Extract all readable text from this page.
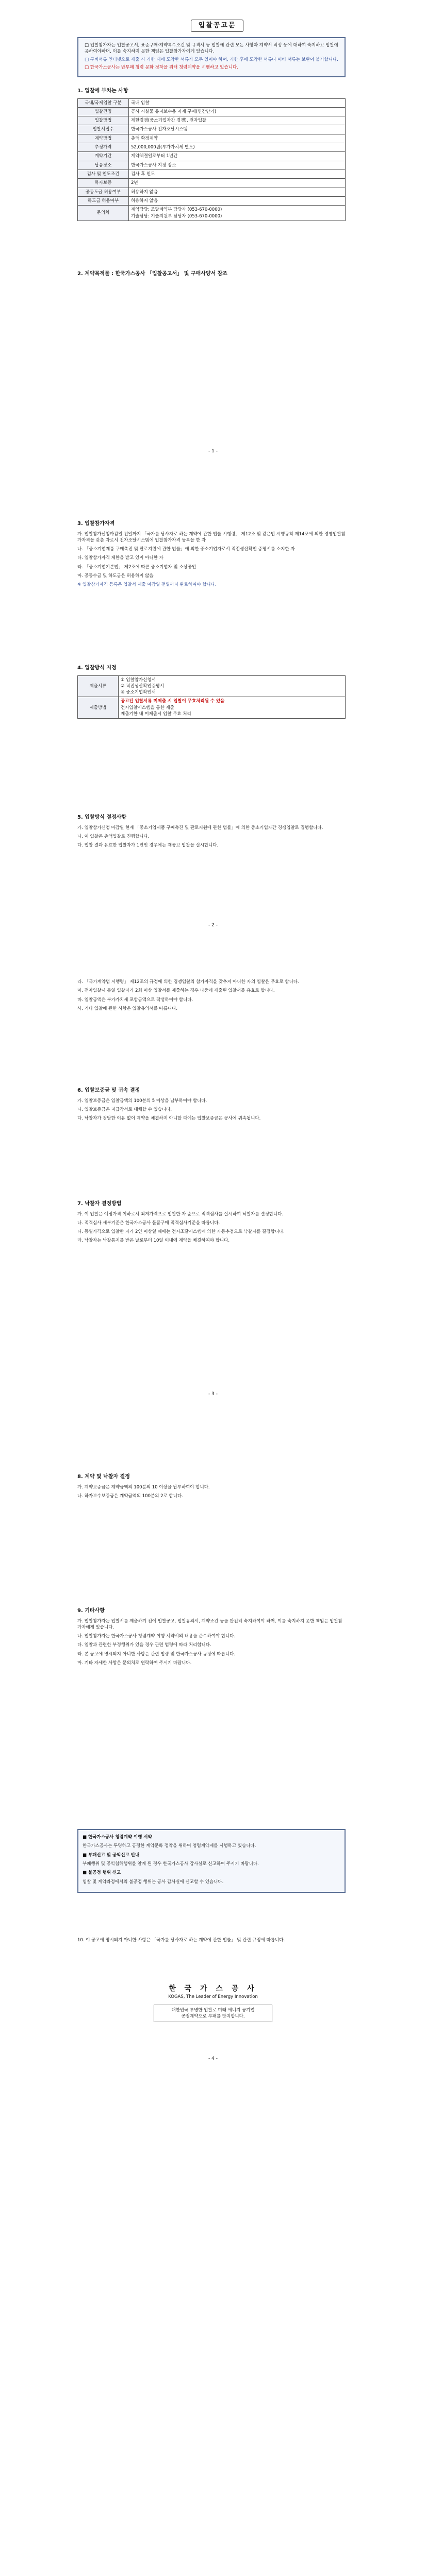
입찰공고문

□ 입찰참가자는 입찰공고서, 표준구매·계약특수조건 및 규격서 등 입찰에 관련 모든 사항과 계약서 작성 등에 대하여 숙지하고 입찰에 응하여야하며, 이를 숙지하지 못한 책임은 입찰참가자에게 있습니다.

□ 구비서류 인터넷으로 제출 시 기한 내에 도착한 서류가 모두 있어야 하며, 기한 후에 도착한 서류나 미비 서류는 보완이 불가합니다.

□ 한국가스공사는 반부패 청렴 문화 정착을 위해 청렴계약을 시행하고 있습니다.

1. 입찰에 부치는 사항
국내/국제입찰 구분	국내 입찰
입찰건명	공사 시설물 유지보수용 자재 구매(연간단가)
입찰방법	제한경쟁(중소기업자간 경쟁), 전자입찰
입찰서접수	한국가스공사 전자조달시스템
계약방법	총액 확정계약
추정가격	52,000,000원(부가가치세 별도)
계약기간	계약체결일로부터 1년간
납품장소	한국가스공사 지정 장소
검사 및 인도조건	검사 후 인도
하자보증	2년
공동도급 허용여부	허용하지 않음
하도급 허용여부	허용하지 않음
문의처	계약담당: 조달계약부 담당자 (053-670-0000)
기술담당: 기술지원부 담당자 (053-670-0000)
2. 계약목적물 : 한국가스공사 「입찰공고서」 및 구매사양서 참조
- 1 -
3. 입찰참가자격

가. 입찰참가신청마감일 전일까지 「국가를 당사자로 하는 계약에 관한 법률 시행령」 제12조 및 같은법 시행규칙 제14조에 의한 경쟁입찰참가자격을 갖춘 자로서 전자조달시스템에 입찰참가자격 등록을 한 자

나. 「중소기업제품 구매촉진 및 판로지원에 관한 법률」에 의한 중소기업자로서 직접생산확인 증명서를 소지한 자

다. 입찰참가자격 제한을 받고 있지 아니한 자

라. 「중소기업기본법」 제2조에 따른 중소기업자 및 소상공인

마. 공동수급 및 하도급은 허용하지 않음

※ 입찰참가자격 등록은 입찰서 제출 마감일 전일까지 완료하여야 합니다.

4. 입찰방식 지정
제출서류	① 입찰참가신청서
② 직접생산확인증명서
③ 중소기업확인서

제출방법	공고된 입찰서류 미제출 시 입찰이 무효처리될 수 있음
전자입찰시스템을 통한 제출
제출기한 내 미제출시 입찰 무효 처리
5. 입찰방식 결정사항

가. 입찰참가신청 마감일 현재 「중소기업제품 구매촉진 및 판로지원에 관한 법률」에 의한 중소기업자간 경쟁입찰로 집행합니다.

나. 이 입찰은 총액입찰로 진행합니다.

다. 입찰 결과 유효한 입찰자가 1인인 경우에는 재공고 입찰을 실시합니다.

- 2 -

라. 「국가계약법 시행령」 제12조의 규정에 의한 경쟁입찰의 참가자격을 갖추지 아니한 자의 입찰은 무효로 합니다.

마. 전자입찰시 동일 입찰자가 2회 이상 입찰서를 제출하는 경우 나중에 제출된 입찰서를 유효로 합니다.

바. 입찰금액은 부가가치세 포함금액으로 작성하여야 합니다.

사. 기타 입찰에 관한 사항은 입찰유의서를 따릅니다.

6. 입찰보증금 및 귀속 결정

가. 입찰보증금은 입찰금액의 100분의 5 이상을 납부하여야 합니다.

나. 입찰보증금은 지급각서로 대체할 수 있습니다.

다. 낙찰자가 정당한 이유 없이 계약을 체결하지 아니할 때에는 입찰보증금은 공사에 귀속됩니다.

7. 낙찰자 결정방법

가. 이 입찰은 예정가격 이하로서 최저가격으로 입찰한 자 순으로 적격심사를 실시하여 낙찰자를 결정합니다.

나. 적격심사 세부기준은 한국가스공사 물품구매 적격심사기준을 따릅니다.

다. 동일가격으로 입찰한 자가 2인 이상일 때에는 전자조달시스템에 의한 자동추첨으로 낙찰자를 결정합니다.

라. 낙찰자는 낙찰통지를 받은 날로부터 10일 이내에 계약을 체결하여야 합니다.

- 3 -
8. 계약 및 낙찰자 결정

가. 계약보증금은 계약금액의 100분의 10 이상을 납부하여야 합니다.

나. 하자보수보증금은 계약금액의 100분의 2로 합니다.

9. 기타사항

가. 입찰참가자는 입찰서를 제출하기 전에 입찰공고, 입찰유의서, 계약조건 등을 완전히 숙지하여야 하며, 이를 숙지하지 못한 책임은 입찰참가자에게 있습니다.

나. 입찰참가자는 한국가스공사 청렴계약 이행 서약서의 내용을 준수하여야 합니다.

다. 입찰과 관련한 부정행위가 있을 경우 관련 법령에 따라 처리합니다.

라. 본 공고에 명시되지 아니한 사항은 관련 법령 및 한국가스공사 규정에 따릅니다.

마. 기타 자세한 사항은 문의처로 연락하여 주시기 바랍니다.

■ 한국가스공사 청렴계약 이행 서약

한국가스공사는 투명하고 공정한 계약문화 정착을 위하여 청렴계약제를 시행하고 있습니다.

■ 부패신고 및 공익신고 안내

부패행위 및 공익침해행위를 알게 된 경우 한국가스공사 감사실로 신고하여 주시기 바랍니다.

■ 불공정 행위 신고

입찰 및 계약과정에서의 불공정 행위는 공사 감사실에 신고할 수 있습니다.

10. 이 공고에 명시되지 아니한 사항은 「국가를 당사자로 하는 계약에 관한 법률」 및 관련 규정에 따릅니다.

한 국 가 스 공 사
KOGAS, The Leader of Energy Innovation
대한민국 투명한 입찰로 미래 에너지 공기업
공정계약으로 부패를 방지합니다.
- 4 -
